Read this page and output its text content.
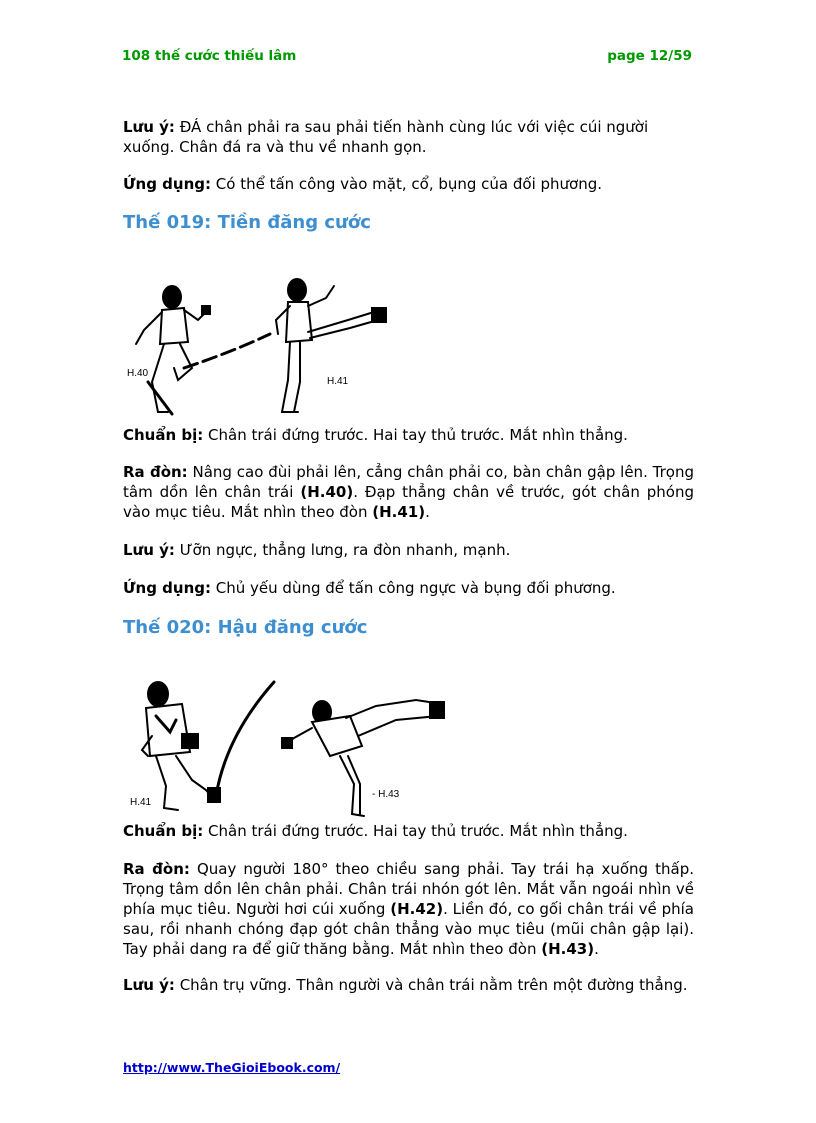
108 thế cước thiếu lâm	page 12/59
Lưu ý: ĐÁ chân phải ra sau phải tiến hành cùng lúc với việc cúi người xuống. Chân đá ra và thu về nhanh gọn.
Ứng dụng: Có thể tấn công vào mặt, cổ, bụng của đối phương.
Thế 019: Tiền đăng cước
H.40
H.41
Chuẩn bị: Chân trái đứng trước. Hai tay thủ trước. Mắt nhìn thẳng.
Ra đòn: Nâng cao đùi phải lên, cẳng chân phải co, bàn chân gập lên. Trọng tâm dồn lên chân trái (H.40). Đạp thẳng chân về trước, gót chân phóng vào mục tiêu. Mắt nhìn theo đòn (H.41).
Lưu ý: Ưỡn ngực, thẳng lưng, ra đòn nhanh, mạnh.
Ứng dụng: Chủ yếu dùng để tấn công ngực và bụng đối phương.
Thế 020: Hậu đăng cước
H.41
- H.43
Chuẩn bị: Chân trái đứng trước. Hai tay thủ trước. Mắt nhìn thẳng.
Ra đòn: Quay người 180° theo chiều sang phải. Tay trái hạ xuống thấp. Trọng tâm dồn lên chân phải. Chân trái nhón gót lên. Mắt vẫn ngoái nhìn về phía mục tiêu. Người hơi cúi xuống (H.42). Liền đó, co gối chân trái về phía sau, rồi nhanh chóng đạp gót chân thẳng vào mục tiêu (mũi chân gập lại). Tay phải dang ra để giữ thăng bằng. Mắt nhìn theo đòn (H.43).
Lưu ý: Chân trụ vững. Thân người và chân trái nằm trên một đường thẳng.
http://www.TheGioiEbook.com/
